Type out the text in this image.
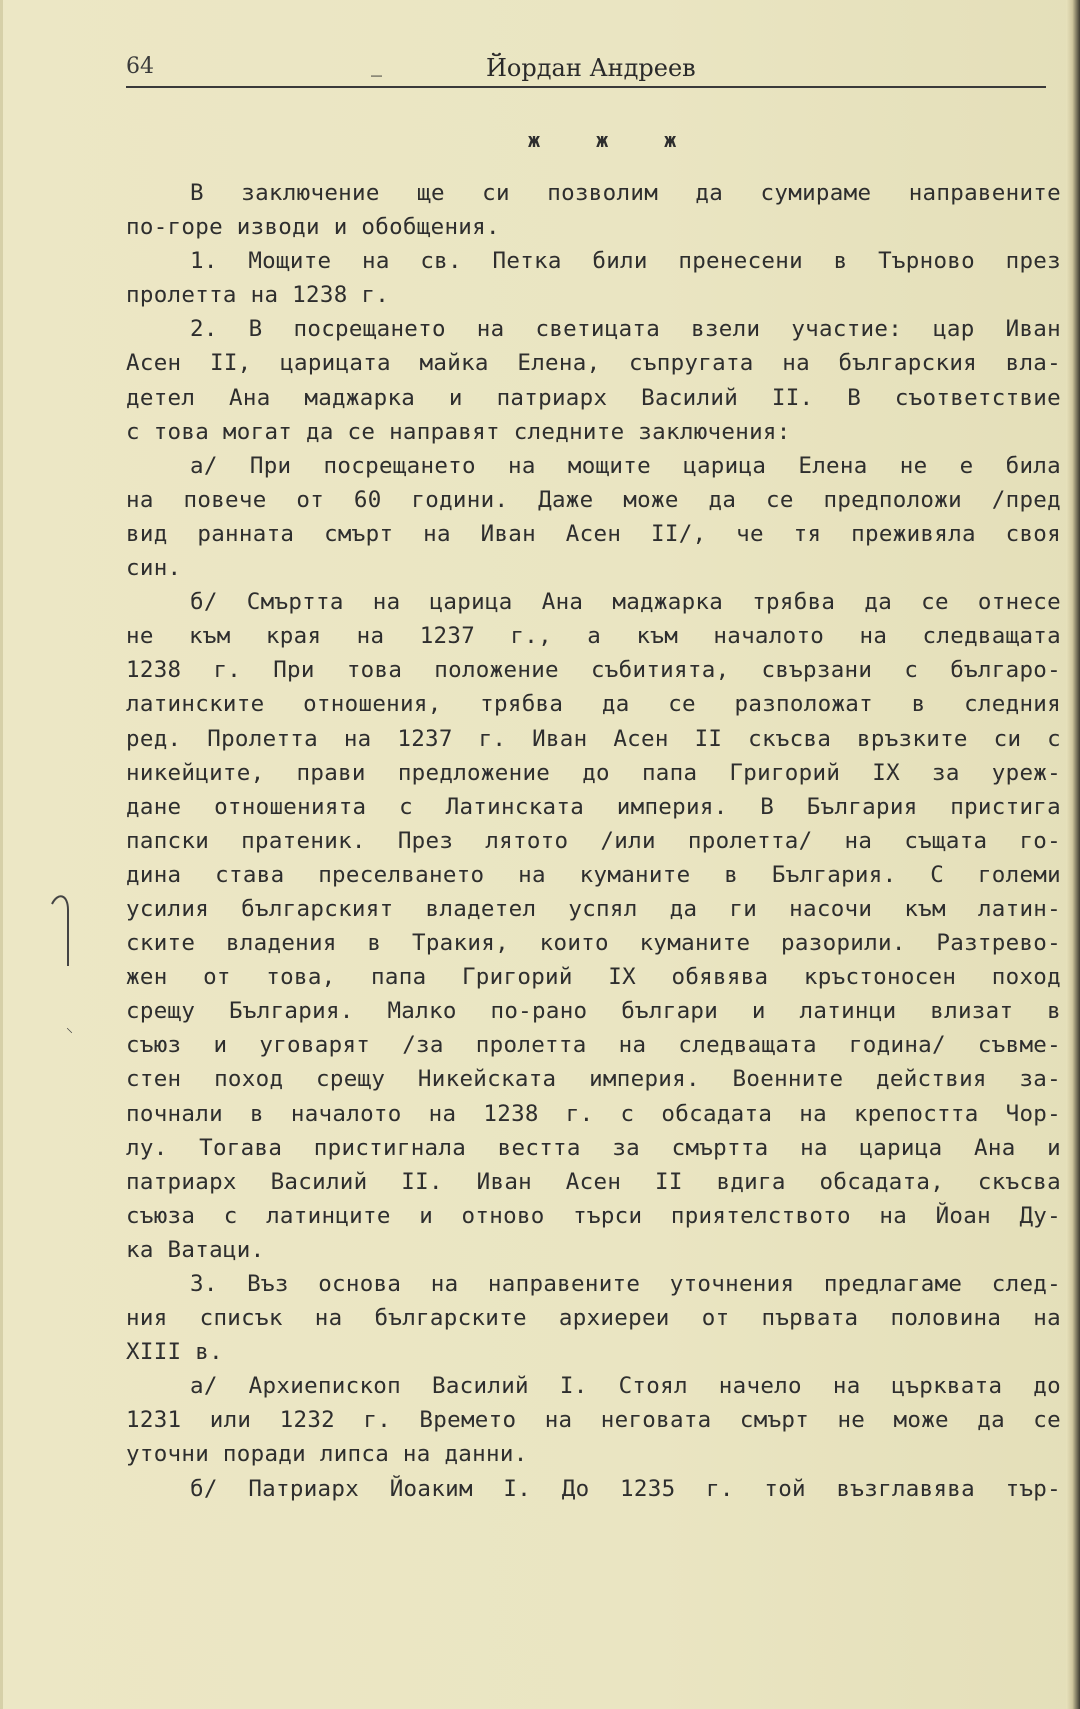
64	_	Йордан Андреев
ж ж ж
В заключение ще си позволим да сумираме направените
по-горе изводи и обобщения.
1. Мощите на св. Петка били пренесени в Търново през
пролетта на 1238 г.
2. В посрещането на светицата взели участие: цар Иван
Асен II, царицата майка Елена, съпругата на българския вла-
детел Ана маджарка и патриарх Василий II. В съответствие
с това могат да се направят следните заключения:
а/ При посрещането на мощите царица Елена не е била
на повече от 60 години. Даже може да се предположи /пред
вид ранната смърт на Иван Асен II/, че тя преживяла своя
син.
б/ Смъртта на царица Ана маджарка трябва да се отнесе
не към края на 1237 г., а към началото на следващата
1238 г. При това положение събитията, свързани с българо-
латинските отношения, трябва да се разположат в следния
ред. Пролетта на 1237 г. Иван Асен II скъсва връзките си с
никейците, прави предложение до папа Григорий IX за уреж-
дане отношенията с Латинската империя. В България пристига
папски пратеник. През лятото /или пролетта/ на същата го-
дина става преселването на куманите в България. С големи
усилия българският владетел успял да ги насочи към латин-
ските владения в Тракия, които куманите разорили. Разтрево-
жен от това, папа Григорий IX обявява кръстоносен поход
срещу България. Малко по-рано българи и латинци влизат в
съюз и уговарят /за пролетта на следващата година/ съвме-
стен поход срещу Никейската империя. Военните действия за-
почнали в началото на 1238 г. с обсадата на крепостта Чор-
лу. Тогава пристигнала вестта за смъртта на царица Ана и
патриарх Василий II. Иван Асен II вдига обсадата, скъсва
съюза с латинците и отново търси приятелството на Йоан Ду-
ка Ватаци.
3. Въз основа на направените уточнения предлагаме след-
ния списък на българските архиереи от първата половина на
XIII в.
а/ Архиепископ Василий I. Стоял начело на църквата до
1231 или 1232 г. Времето на неговата смърт не може да се
уточни поради липса на данни.
б/ Патриарх Йоаким I. До 1235 г. той възглавява тър-
⸜
